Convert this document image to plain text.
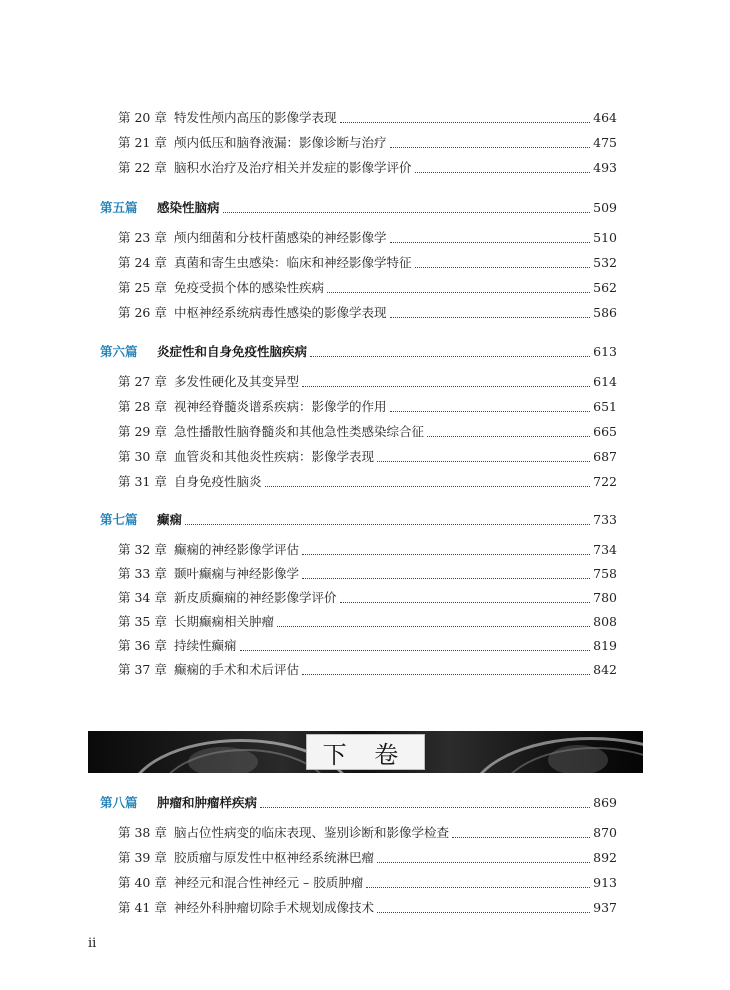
第 20 章 特发性颅内高压的影像学表现	464
第 21 章 颅内低压和脑脊液漏：影像诊断与治疗	475
第 22 章 脑积水治疗及治疗相关并发症的影像学评价	493
第五篇	感染性脑病	509
第 23 章 颅内细菌和分枝杆菌感染的神经影像学	510
第 24 章 真菌和寄生虫感染：临床和神经影像学特征	532
第 25 章 免疫受损个体的感染性疾病	562
第 26 章 中枢神经系统病毒性感染的影像学表现	586
第六篇	炎症性和自身免疫性脑疾病	613
第 27 章 多发性硬化及其变异型	614
第 28 章 视神经脊髓炎谱系疾病：影像学的作用	651
第 29 章 急性播散性脑脊髓炎和其他急性类感染综合征	665
第 30 章 血管炎和其他炎性疾病：影像学表现	687
第 31 章 自身免疫性脑炎	722
第七篇	癫痫	733
第 32 章 癫痫的神经影像学评估	734
第 33 章 颞叶癫痫与神经影像学	758
第 34 章 新皮质癫痫的神经影像学评价	780
第 35 章 长期癫痫相关肿瘤	808
第 36 章 持续性癫痫	819
第 37 章 癫痫的手术和术后评估	842
下 卷
第八篇	肿瘤和肿瘤样疾病	869
第 38 章 脑占位性病变的临床表现、鉴别诊断和影像学检查	870
第 39 章 胶质瘤与原发性中枢神经系统淋巴瘤	892
第 40 章 神经元和混合性神经元 – 胶质肿瘤	913
第 41 章 神经外科肿瘤切除手术规划成像技术	937
ii
